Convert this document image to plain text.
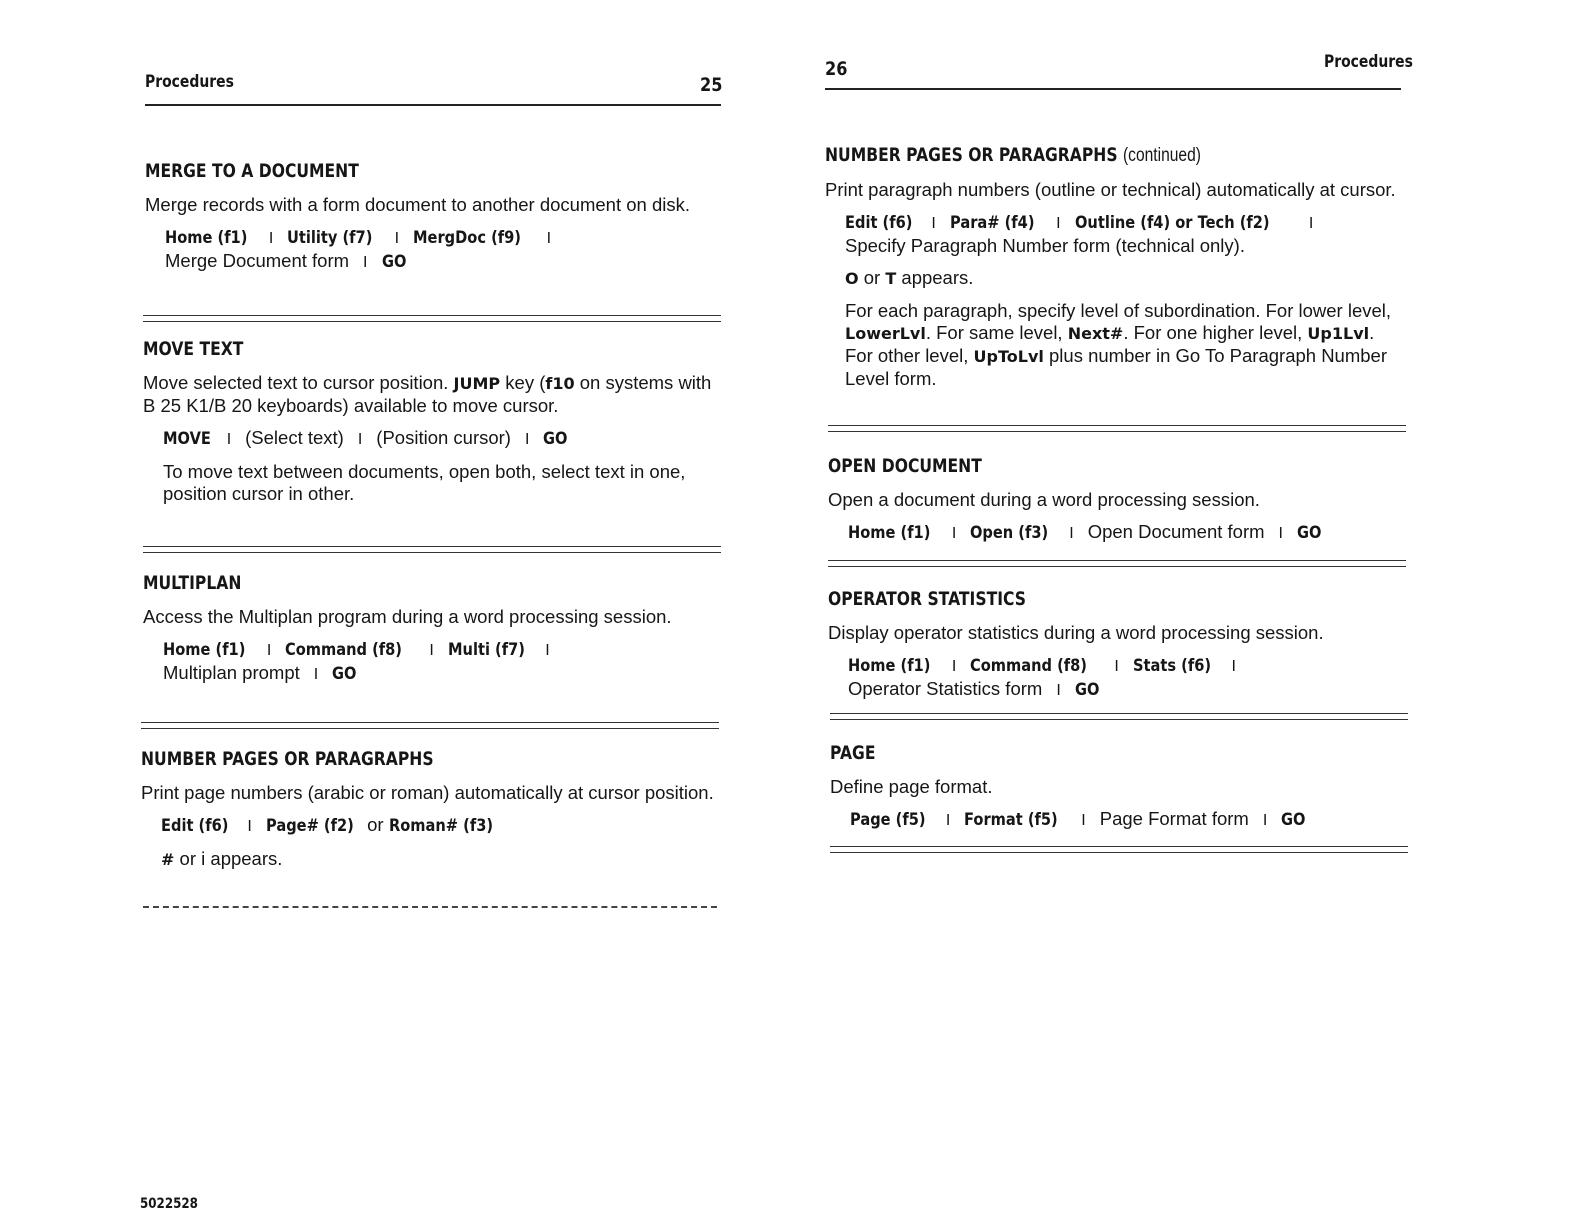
Procedures	25
MERGE TO A DOCUMENT
Merge records with a form document to another document on disk.
Home (f1) I Utility (f7) I MergDoc (f9) I
Merge Document form I GO
MOVE TEXT
Move selected text to cursor position. JUMP key (f10 on systems with B 25 K1/B 20 keyboards) available to move cursor.
MOVE I (Select text) I (Position cursor) I GO
To move text between documents, open both, select text in one, position cursor in other.
MULTIPLAN
Access the Multiplan program during a word processing session.
Home (f1) I Command (f8) I Multi (f7) I
Multiplan prompt I GO
NUMBER PAGES OR PARAGRAPHS
Print page numbers (arabic or roman) automatically at cursor position.
Edit (f6) I Page# (f2) or Roman# (f3)
# or i appears.
5022528
26	Procedures
NUMBER PAGES OR PARAGRAPHS (continued)
Print paragraph numbers (outline or technical) automatically at cursor.
Edit (f6) I Para# (f4) I Outline (f4) or Tech (f2) I
Specify Paragraph Number form (technical only).
O or T appears.
For each paragraph, specify level of subordination. For lower level, LowerLvl. For same level, Next#. For one higher level, Up1Lvl. For other level, UpToLvl plus number in Go To Paragraph Number Level form.
OPEN DOCUMENT
Open a document during a word processing session.
Home (f1) I Open (f3) I Open Document form I GO
OPERATOR STATISTICS
Display operator statistics during a word processing session.
Home (f1) I Command (f8) I Stats (f6) I
Operator Statistics form I GO
PAGE
Define page format.
Page (f5) I Format (f5) I Page Format form I GO
